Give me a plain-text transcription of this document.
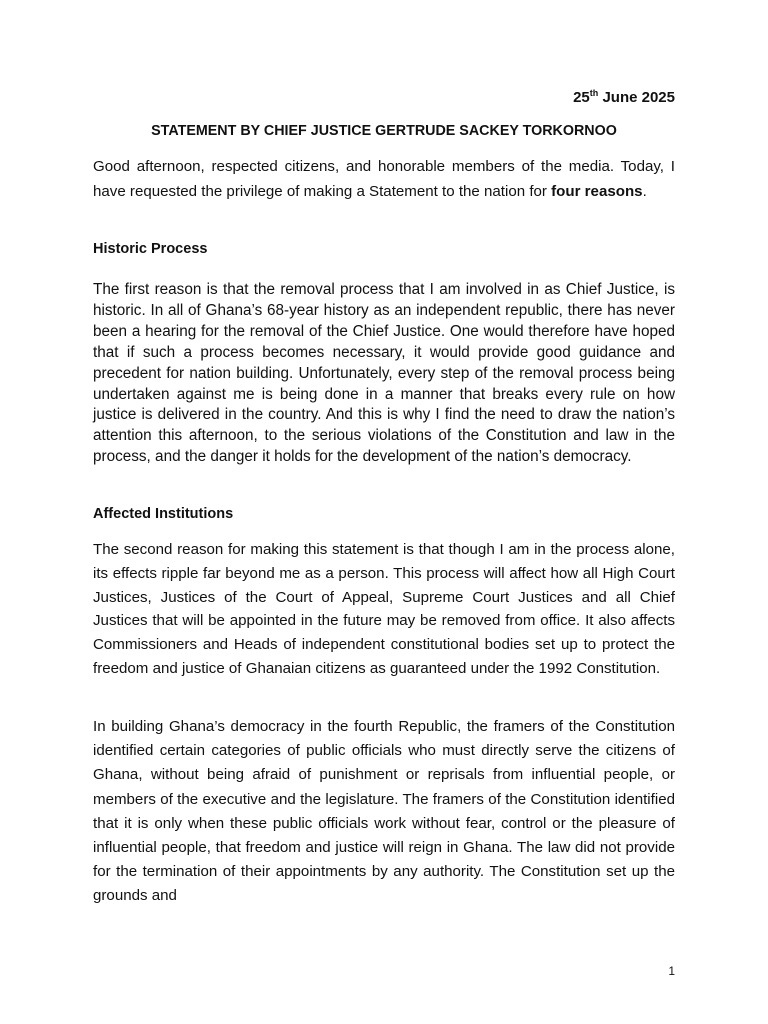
25th June 2025
STATEMENT BY CHIEF JUSTICE GERTRUDE SACKEY TORKORNOO

Good afternoon, respected citizens, and honorable members of the media. Today, I have requested the privilege of making a Statement to the nation for four reasons.

Historic Process

The first reason is that the removal process that I am involved in as Chief Justice, is historic. In all of Ghana’s 68-year history as an independent republic, there has never been a hearing for the removal of the Chief Justice. One would therefore have hoped that if such a process becomes necessary, it would provide good guidance and precedent for nation building. Unfortunately, every step of the removal process being undertaken against me is being done in a manner that breaks every rule on how justice is delivered in the country. And this is why I find the need to draw the nation’s attention this afternoon, to the serious violations of the Constitution and law in the process, and the danger it holds for the development of the nation’s democracy.

Affected Institutions

The second reason for making this statement is that though I am in the process alone, its effects ripple far beyond me as a person. This process will affect how all High Court Justices, Justices of the Court of Appeal, Supreme Court Justices and all Chief Justices that will be appointed in the future may be removed from office. It also affects Commissioners and Heads of independent constitutional bodies set up to protect the freedom and justice of Ghanaian citizens as guaranteed under the 1992 Constitution.

In building Ghana’s democracy in the fourth Republic, the framers of the Constitution identified certain categories of public officials who must directly serve the citizens of Ghana, without being afraid of punishment or reprisals from influential people, or members of the executive and the legislature. The framers of the Constitution identified that it is only when these public officials work without fear, control or the pleasure of influential people, that freedom and justice will reign in Ghana. The law did not provide for the termination of their appointments by any authority. The Constitution set up the grounds and

1
